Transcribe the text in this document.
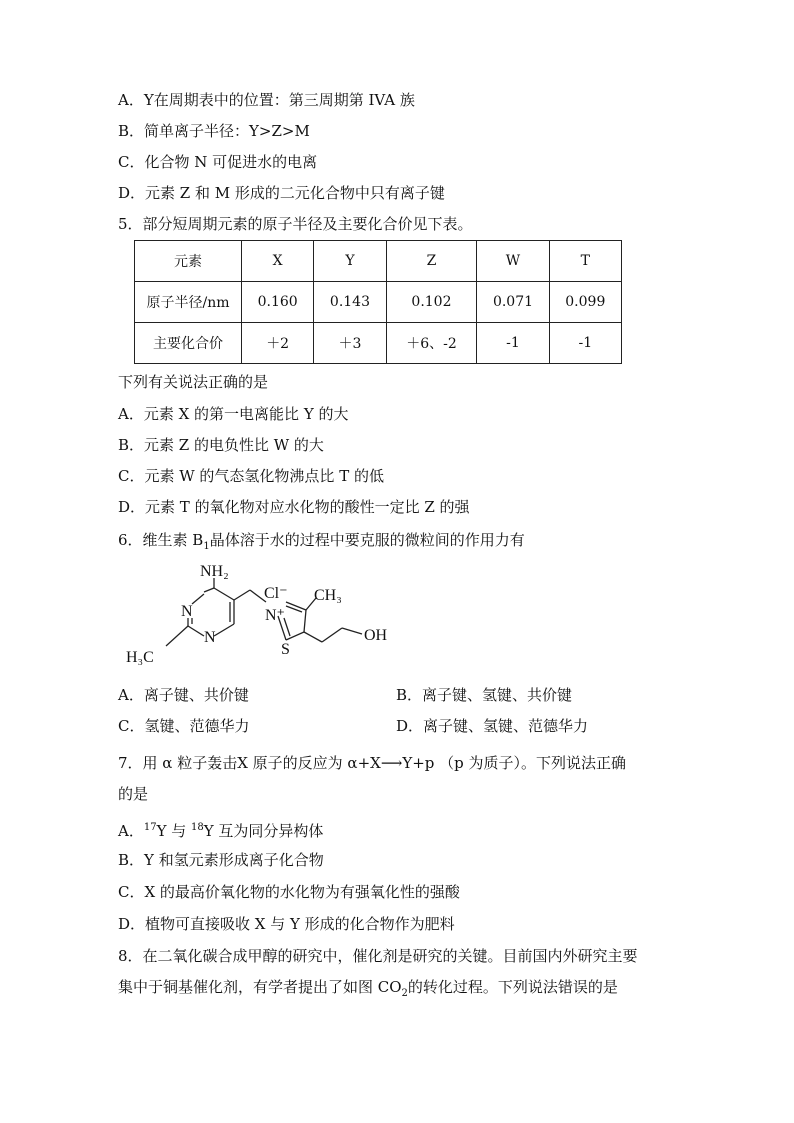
A．Y在周期表中的位置：第三周期第 IVA 族
B．简单离子半径：Y>Z>M
C．化合物 N 可促进水的电离
D．元素 Z 和 M 形成的二元化合物中只有离子键
5．部分短周期元素的原子半径及主要化合价见下表。
元素	X	Y	Z	W	T
原子半径/nm	0.160	0.143	0.102	0.071	0.099
主要化合价	＋2	＋3	＋6、-2	-1	-1
下列有关说法正确的是
A．元素 X 的第一电离能比 Y 的大
B．元素 Z 的电负性比 W 的大
C．元素 W 的气态氢化物沸点比 T 的低
D．元素 T 的氧化物对应水化物的酸性一定比 Z 的强
6．维生素 $B_1$晶体溶于水的过程中要克服的微粒间的作用力有
NH₂
Cl⁻ CH₃
N⁺
N
N
S
OH
H₃C
A．离子键、共价键	B．离子键、氢键、共价键
C．氢键、范德华力	D．离子键、氢键、范德华力
7．用 α 粒子轰击X 原子的反应为 α+X⟶Y+p （p 为质子）。下列说法正确
的是
A．$^{17}$Y 与 $^{18}$Y 互为同分异构体
B．Y 和氢元素形成离子化合物
C．X 的最高价氧化物的水化物为有强氧化性的强酸
D．植物可直接吸收 X 与 Y 形成的化合物作为肥料
8．在二氧化碳合成甲醇的研究中，催化剂是研究的关键。目前国内外研究主要
集中于铜基催化剂，有学者提出了如图 $CO_2$的转化过程。下列说法错误的是
